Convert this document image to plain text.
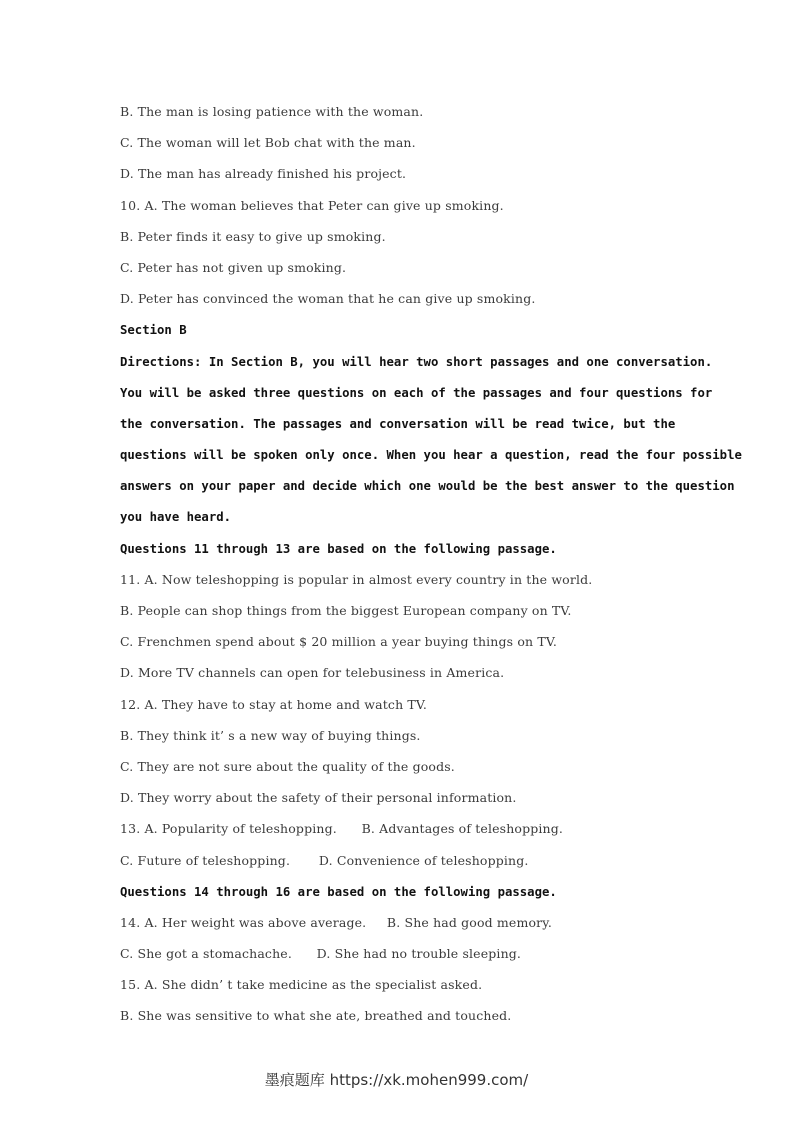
B. The man is losing patience with the woman.
C. The woman will let Bob chat with the man.
D. The man has already finished his project.
10. A. The woman believes that Peter can give up smoking.
B. Peter finds it easy to give up smoking.
C. Peter has not given up smoking.
D. Peter has convinced the woman that he can give up smoking.
Section B
Directions: In Section B, you will hear two short passages and one conversation.
You will be asked three questions on each of the passages and four questions for
the conversation. The passages and conversation will be read twice, but the
questions will be spoken only once. When you hear a question, read the four possible
answers on your paper and decide which one would be the best answer to the question
you have heard.
Questions 11 through 13 are based on the following passage.
11. A. Now teleshopping is popular in almost every country in the world.
B. People can shop things from the biggest European company on TV.
C. Frenchmen spend about $ 20 million a year buying things on TV.
D. More TV channels can open for telebusiness in America.
12. A. They have to stay at home and watch TV.
B. They think it’ s a new way of buying things.
C. They are not sure about the quality of the goods.
D. They worry about the safety of their personal information.
13. A. Popularity of teleshopping.      B. Advantages of teleshopping.
C. Future of teleshopping.       D. Convenience of teleshopping.
Questions 14 through 16 are based on the following passage.
14. A. Her weight was above average.     B. She had good memory.
C. She got a stomachache.      D. She had no trouble sleeping.
15. A. She didn’ t take medicine as the specialist asked.
B. She was sensitive to what she ate, breathed and touched.
墨痕题库 https://xk.mohen999.com/
